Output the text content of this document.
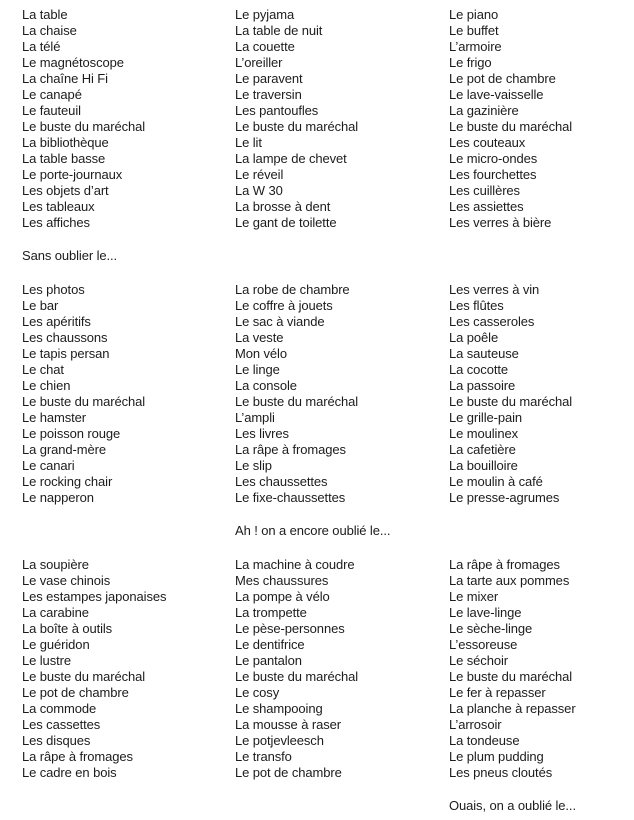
La table
La chaise
La télé
Le magnétoscope
La chaîne Hi Fi
Le canapé
Le fauteuil
Le buste du maréchal
La bibliothèque
La table basse
Le porte-journaux
Les objets d’art
Les tableaux
Les affiches
Sans oublier le...
Les photos
Le bar
Les apéritifs
Les chaussons
Le tapis persan
Le chat
Le chien
Le buste du maréchal
Le hamster
Le poisson rouge
La grand-mère
Le canari
Le rocking chair
Le napperon
La soupière
Le vase chinois
Les estampes japonaises
La carabine
La boîte à outils
Le guéridon
Le lustre
Le buste du maréchal
Le pot de chambre
La commode
Les cassettes
Les disques
La râpe à fromages
Le cadre en bois
Le pyjama
La table de nuit
La couette
L’oreiller
Le paravent
Le traversin
Les pantoufles
Le buste du maréchal
Le lit
La lampe de chevet
Le réveil
La W 30
La brosse à dent
Le gant de toilette
La robe de chambre
Le coffre à jouets
Le sac à viande
La veste
Mon vélo
Le linge
La console
Le buste du maréchal
L’ampli
Les livres
La râpe à fromages
Le slip
Les chaussettes
Le fixe-chaussettes
Ah ! on a encore oublié le...
La machine à coudre
Mes chaussures
La pompe à vélo
La trompette
Le pèse-personnes
Le dentifrice
Le pantalon
Le buste du maréchal
Le cosy
Le shampooing
La mousse à raser
Le potjevleesch
Le transfo
Le pot de chambre
Le piano
Le buffet
L’armoire
Le frigo
Le pot de chambre
Le lave-vaisselle
La gazinière
Le buste du maréchal
Les couteaux
Le micro-ondes
Les fourchettes
Les cuillères
Les assiettes
Les verres à bière
Les verres à vin
Les flûtes
Les casseroles
La poêle
La sauteuse
La cocotte
La passoire
Le buste du maréchal
Le grille-pain
Le moulinex
La cafetière
La bouilloire
Le moulin à café
Le presse-agrumes
La râpe à fromages
La tarte aux pommes
Le mixer
Le lave-linge
Le sèche-linge
L’essoreuse
Le séchoir
Le buste du maréchal
Le fer à repasser
La planche à repasser
L’arrosoir
La tondeuse
Le plum pudding
Les pneus cloutés
Ouais, on a oublié le...
